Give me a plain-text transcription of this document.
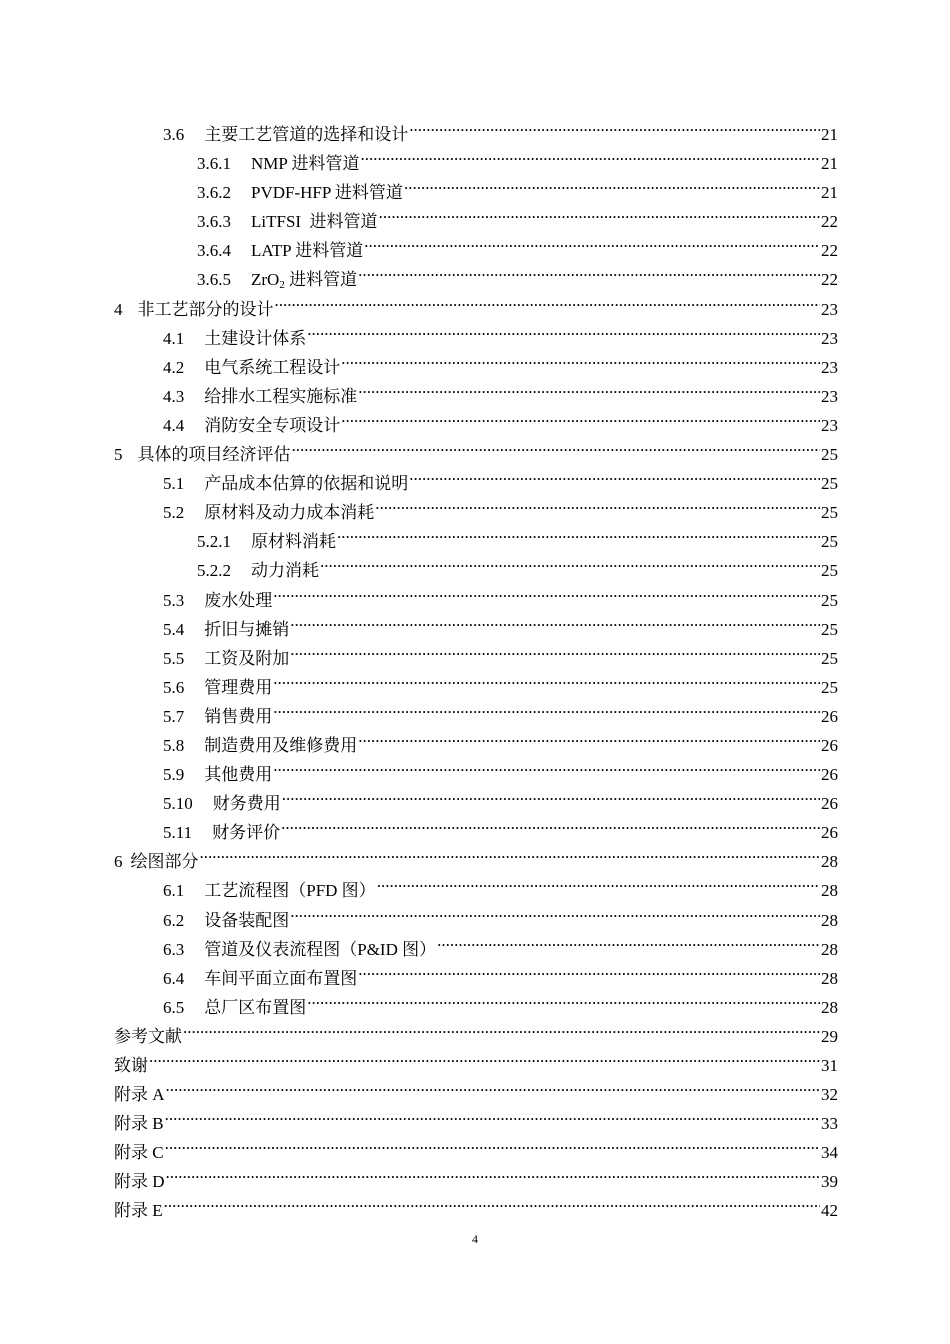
3.6 主要工艺管道的选择和设计 .....	21
3.6.1 NMP 进料管道 .....	21
3.6.2 PVDF-HFP 进料管道 .....	21
3.6.3 LiTFSI  进料管道 .....	22
3.6.4 LATP 进料管道 .....	22
3.6.5 ZrO$_2$ 进料管道 .....	22
4 非工艺部分的设计 .....	23
4.1 土建设计体系 .....	23
4.2 电气系统工程设计 .....	23
4.3 给排水工程实施标准 .....	23
4.4 消防安全专项设计 .....	23
5 具体的项目经济评估 .....	25
5.1 产品成本估算的依据和说明 .....	25
5.2 原材料及动力成本消耗 .....	25
5.2.1 原材料消耗 .....	25
5.2.2 动力消耗 .....	25
5.3 废水处理 .....	25
5.4 折旧与摊销 .....	25
5.5 工资及附加 .....	25
5.6 管理费用 .....	25
5.7 销售费用 .....	26
5.8 制造费用及维修费用 .....	26
5.9 其他费用 .....	26
5.10 财务费用 .....	26
5.11 财务评价 .....	26
6 绘图部分 .....	28
6.1 工艺流程图（PFD 图） .....	28
6.2 设备装配图 .....	28
6.3 管道及仪表流程图（P&ID 图） .....	28
6.4 车间平面立面布置图 .....	28
6.5 总厂区布置图 .....	28
参考文献 .....	29
致谢 .....	31
附录 A .....	32
附录 B .....	33
附录 C .....	34
附录 D .....	39
附录 E .....	42
4
